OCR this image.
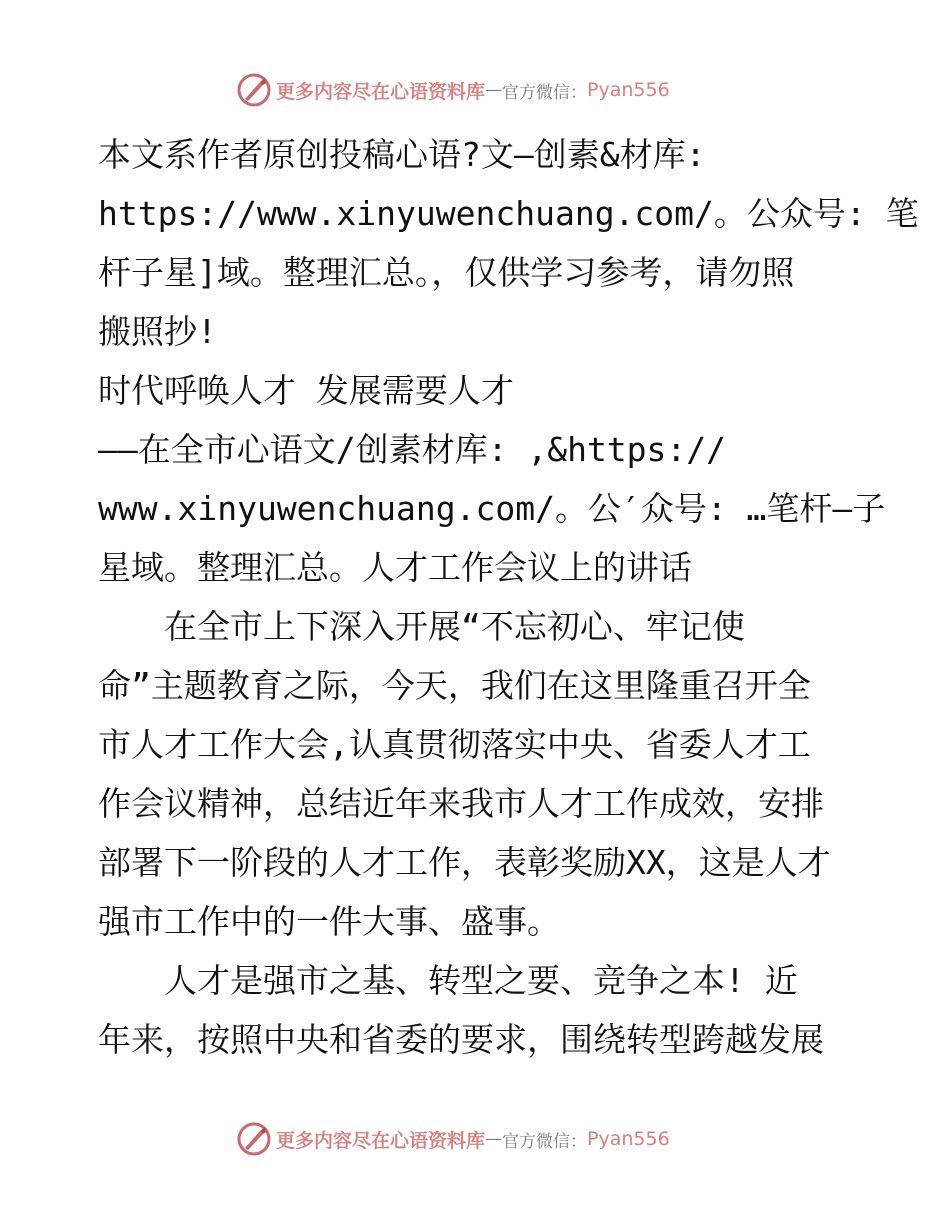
更多内容尽在心语资料库 — 官方微信： Pyan556

本文系作者原创投稿心语?文—创素&材库:
https://www.xinyuwenchuang.com/。公众号: 笔
杆子星]域。整理汇总。，仅供学习参考，请勿照
搬照抄!

时代呼唤人才 发展需要人才

——在全市心语文/创素材库: ,&https://
www.xinyuwenchuang.com/。公′众号: …笔杆—子
星域。整理汇总。人才工作会议上的讲话

　　在全市上下深入开展“不忘初心、牢记使
命”主题教育之际，今天，我们在这里隆重召开全
市人才工作大会,认真贯彻落实中央、省委人才工
作会议精神，总结近年来我市人才工作成效，安排
部署下一阶段的人才工作，表彰奖励XX，这是人才
强市工作中的一件大事、盛事。

　　人才是强市之基、转型之要、竞争之本! 近
年来，按照中央和省委的要求，围绕转型跨越发展

更多内容尽在心语资料库 — 官方微信： Pyan556
